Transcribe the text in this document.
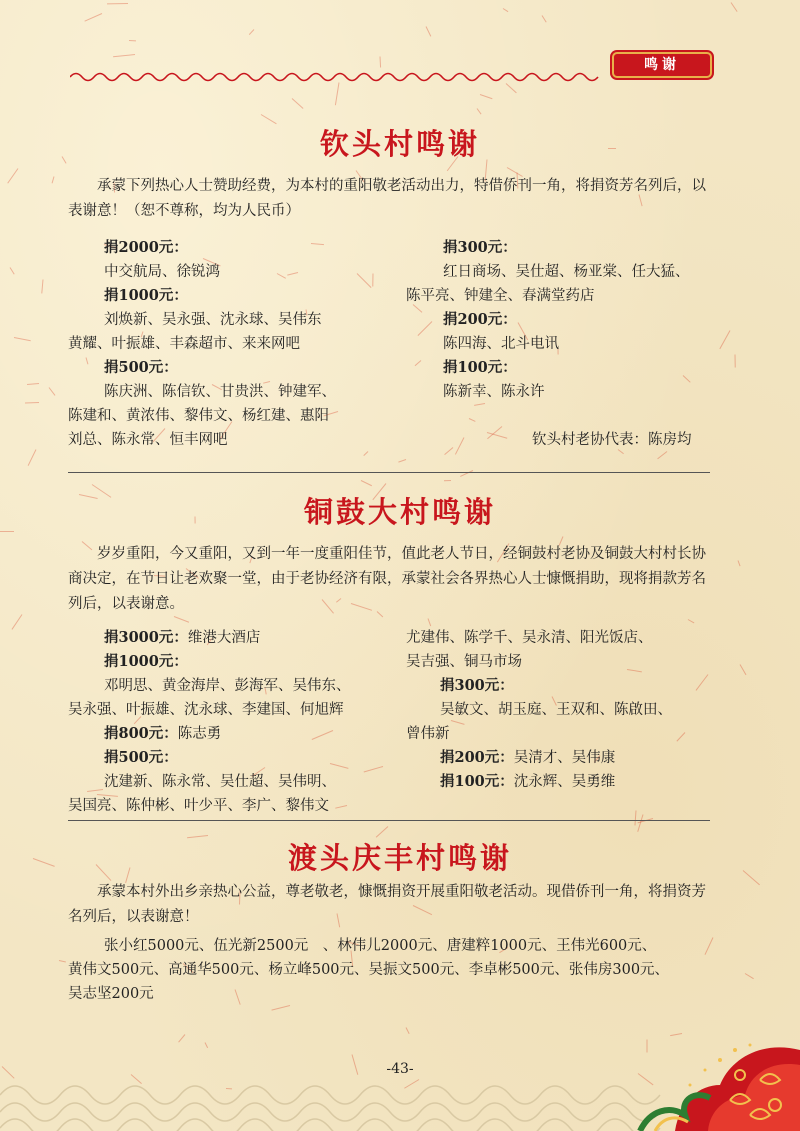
鸣谢
钦头村鸣谢
承蒙下列热心人士赞助经费，为本村的重阳敬老活动出力，特借侨刊一角，将捐资芳名列后，以表谢意！（恕不尊称，均为人民币）
捐2000元：
中交航局、徐锐鸿
捐1000元：
刘焕新、吴永强、沈永球、吴伟东
黄耀、叶振雄、丰森超市、来来网吧
捐500元：
陈庆洲、陈信钦、甘贵洪、钟建军、
陈建和、黄浓伟、黎伟文、杨红建、惠阳
刘总、陈永常、恒丰网吧
捐300元：
红日商场、吴仕超、杨亚棠、任大猛、
陈平亮、钟建全、春满堂药店
捐200元：
陈四海、北斗电讯
捐100元：
陈新幸、陈永许
钦头村老协代表：陈房均
铜鼓大村鸣谢
岁岁重阳，今又重阳，又到一年一度重阳佳节，值此老人节日，经铜鼓村老协及铜鼓大村村长协商决定，在节日让老欢聚一堂，由于老协经济有限，承蒙社会各界热心人士慷慨捐助，现将捐款芳名列后，以表谢意。
捐3000元：维港大酒店
捐1000元：
邓明思、黄金海岸、彭海军、吴伟东、
吴永强、叶振雄、沈永球、李建国、何旭辉
捐800元：陈志勇
捐500元：
沈建新、陈永常、吴仕超、吴伟明、
吴国亮、陈仲彬、叶少平、李广、黎伟文
尤建伟、陈学千、吴永清、阳光饭店、
吴吉强、铜马市场
捐300元：
吴敏文、胡玉庭、王双和、陈啟田、
曾伟新
捐200元：吴清才、吴伟康
捐100元：沈永辉、吴勇维
渡头庆丰村鸣谢
承蒙本村外出乡亲热心公益，尊老敬老，慷慨捐资开展重阳敬老活动。现借侨刊一角，将捐资芳名列后，以表谢意！
张小红5000元、伍光新2500元　、林伟儿2000元、唐建粹1000元、王伟光600元、
黄伟文500元、高通华500元、杨立峰500元、吴振文500元、李卓彬500元、张伟房300元、
吴志坚200元
-43-
